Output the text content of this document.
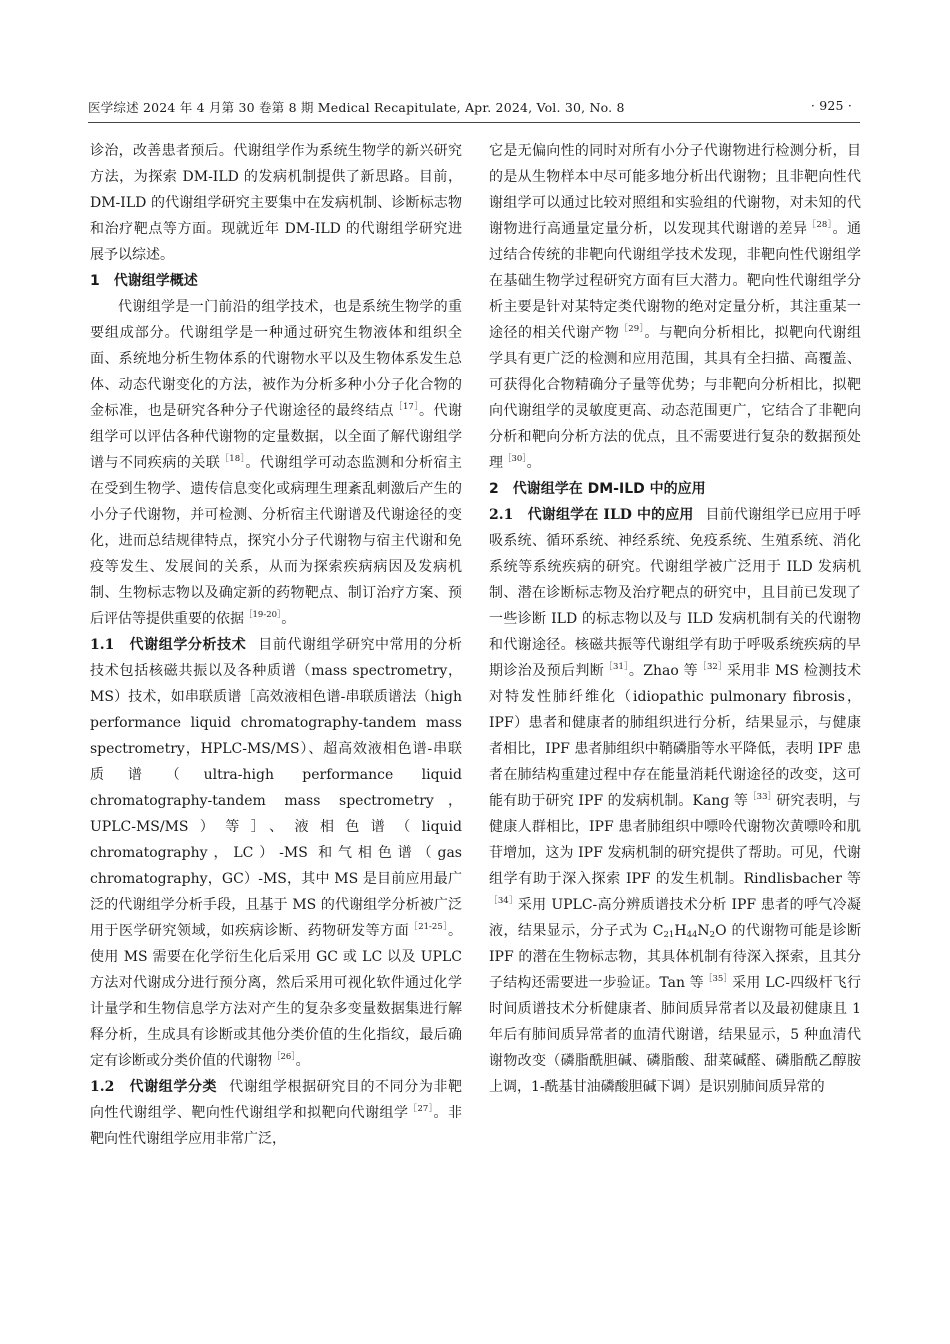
医学综述 2024 年 4 月第 30 卷第 8 期 Medical Recapitulate, Apr. 2024, Vol. 30, No. 8	· 925 ·

诊治，改善患者预后。代谢组学作为系统生物学的新兴研究方法，为探索 DM-ILD 的发病机制提供了新思路。目前，DM-ILD 的代谢组学研究主要集中在发病机制、诊断标志物和治疗靶点等方面。现就近年 DM-ILD 的代谢组学研究进展予以综述。

1 代谢组学概述

代谢组学是一门前沿的组学技术，也是系统生物学的重要组成部分。代谢组学是一种通过研究生物液体和组织全面、系统地分析生物体系的代谢物水平以及生物体系发生总体、动态代谢变化的方法，被作为分析多种小分子化合物的金标准，也是研究各种分子代谢途径的最终结点$^{[17]}$。代谢组学可以评估各种代谢物的定量数据，以全面了解代谢组学谱与不同疾病的关联$^{[18]}$。代谢组学可动态监测和分析宿主在受到生物学、遗传信息变化或病理生理紊乱刺激后产生的小分子代谢物，并可检测、分析宿主代谢谱及代谢途径的变化，进而总结规律特点，探究小分子代谢物与宿主代谢和免疫等发生、发展间的关系，从而为探索疾病病因及发病机制、生物标志物以及确定新的药物靶点、制订治疗方案、预后评估等提供重要的依据$^{[19-20]}$。

1.1　代谢组学分析技术 目前代谢组学研究中常用的分析技术包括核磁共振以及各种质谱（mass spectrometry，MS）技术，如串联质谱［高效液相色谱-串联质谱法（high performance liquid chromatography-tandem mass spectrometry，HPLC-MS/MS）、超高效液相色谱-串联质谱（ultra-high performance liquid chromatography-tandem mass spectrometry，UPLC-MS/MS）等］、液相色谱（liquid chromatography，LC）-MS 和气相色谱（gas chromatography，GC）-MS，其中 MS 是目前应用最广泛的代谢组学分析手段，且基于 MS 的代谢组学分析被广泛用于医学研究领域，如疾病诊断、药物研发等方面$^{[21-25]}$。使用 MS 需要在化学衍生化后采用 GC 或 LC 以及 UPLC 方法对代谢成分进行预分离，然后采用可视化软件通过化学计量学和生物信息学方法对产生的复杂多变量数据集进行解释分析，生成具有诊断或其他分类价值的生化指纹，最后确定有诊断或分类价值的代谢物$^{[26]}$。

1.2　代谢组学分类 代谢组学根据研究目的不同分为非靶向性代谢组学、靶向性代谢组学和拟靶向代谢组学$^{[27]}$。非靶向性代谢组学应用非常广泛，

它是无偏向性的同时对所有小分子代谢物进行检测分析，目的是从生物样本中尽可能多地分析出代谢物；且非靶向性代谢组学可以通过比较对照组和实验组的代谢物，对未知的代谢物进行高通量定量分析，以发现其代谢谱的差异$^{[28]}$。通过结合传统的非靶向代谢组学技术发现，非靶向性代谢组学在基础生物学过程研究方面有巨大潜力。靶向性代谢组学分析主要是针对某特定类代谢物的绝对定量分析，其注重某一途径的相关代谢产物$^{[29]}$。与靶向分析相比，拟靶向代谢组学具有更广泛的检测和应用范围，其具有全扫描、高覆盖、可获得化合物精确分子量等优势；与非靶向分析相比，拟靶向代谢组学的灵敏度更高、动态范围更广，它结合了非靶向分析和靶向分析方法的优点，且不需要进行复杂的数据预处理$^{[30]}$。

2 代谢组学在 DM-ILD 中的应用

2.1　代谢组学在 ILD 中的应用 目前代谢组学已应用于呼吸系统、循环系统、神经系统、免疫系统、生殖系统、消化系统等系统疾病的研究。代谢组学被广泛用于 ILD 发病机制、潜在诊断标志物及治疗靶点的研究中，且目前已发现了一些诊断 ILD 的标志物以及与 ILD 发病机制有关的代谢物和代谢途径。核磁共振等代谢组学有助于呼吸系统疾病的早期诊治及预后判断$^{[31]}$。Zhao 等$^{[32]}$采用非 MS 检测技术对特发性肺纤维化（idiopathic pulmonary fibrosis，IPF）患者和健康者的肺组织进行分析，结果显示，与健康者相比，IPF 患者肺组织中鞘磷脂等水平降低，表明 IPF 患者在肺结构重建过程中存在能量消耗代谢途径的改变，这可能有助于研究 IPF 的发病机制。Kang 等$^{[33]}$研究表明，与健康人群相比，IPF 患者肺组织中嘌呤代谢物次黄嘌呤和肌苷增加，这为 IPF 发病机制的研究提供了帮助。可见，代谢组学有助于深入探索 IPF 的发生机制。Rindlisbacher 等$^{[34]}$采用 UPLC-高分辨质谱技术分析 IPF 患者的呼气冷凝液，结果显示，分子式为 $C_{21}H_{44}N_2O$ 的代谢物可能是诊断 IPF 的潜在生物标志物，其具体机制有待深入探索，且其分子结构还需要进一步验证。Tan 等$^{[35]}$采用 LC-四级杆飞行时间质谱技术分析健康者、肺间质异常者以及最初健康且 1 年后有肺间质异常者的血清代谢谱，结果显示，5 种血清代谢物改变（磷脂酰胆碱、磷脂酸、甜菜碱醛、磷脂酰乙醇胺上调，1-酰基甘油磷酸胆碱下调）是识别肺间质异常的
